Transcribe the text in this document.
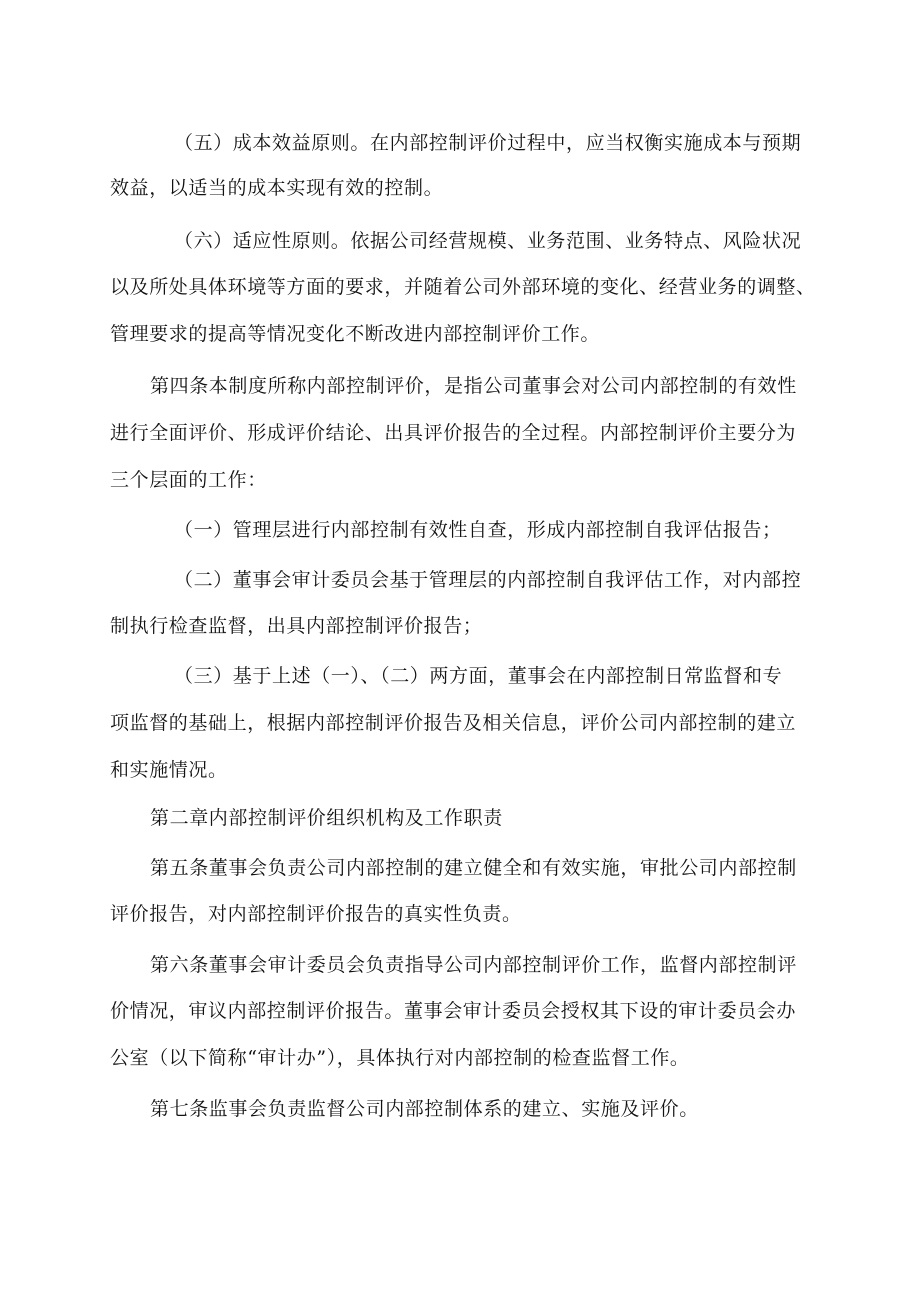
（五）成本效益原则。在内部控制评价过程中，应当权衡实施成本与预期
效益，以适当的成本实现有效的控制。
（六）适应性原则。依据公司经营规模、业务范围、业务特点、风险状况
以及所处具体环境等方面的要求，并随着公司外部环境的变化、经营业务的调整、
管理要求的提高等情况变化不断改进内部控制评价工作。
第四条本制度所称内部控制评价，是指公司董事会对公司内部控制的有效性
进行全面评价、形成评价结论、出具评价报告的全过程。内部控制评价主要分为
三个层面的工作：
（一）管理层进行内部控制有效性自查，形成内部控制自我评估报告；
（二）董事会审计委员会基于管理层的内部控制自我评估工作，对内部控
制执行检查监督，出具内部控制评价报告；
（三）基于上述（一）、（二）两方面，董事会在内部控制日常监督和专
项监督的基础上，根据内部控制评价报告及相关信息，评价公司内部控制的建立
和实施情况。
第二章内部控制评价组织机构及工作职责
第五条董事会负责公司内部控制的建立健全和有效实施，审批公司内部控制
评价报告，对内部控制评价报告的真实性负责。
第六条董事会审计委员会负责指导公司内部控制评价工作，监督内部控制评
价情况，审议内部控制评价报告。董事会审计委员会授权其下设的审计委员会办
公室（以下简称“审计办”），具体执行对内部控制的检查监督工作。
第七条监事会负责监督公司内部控制体系的建立、实施及评价。
